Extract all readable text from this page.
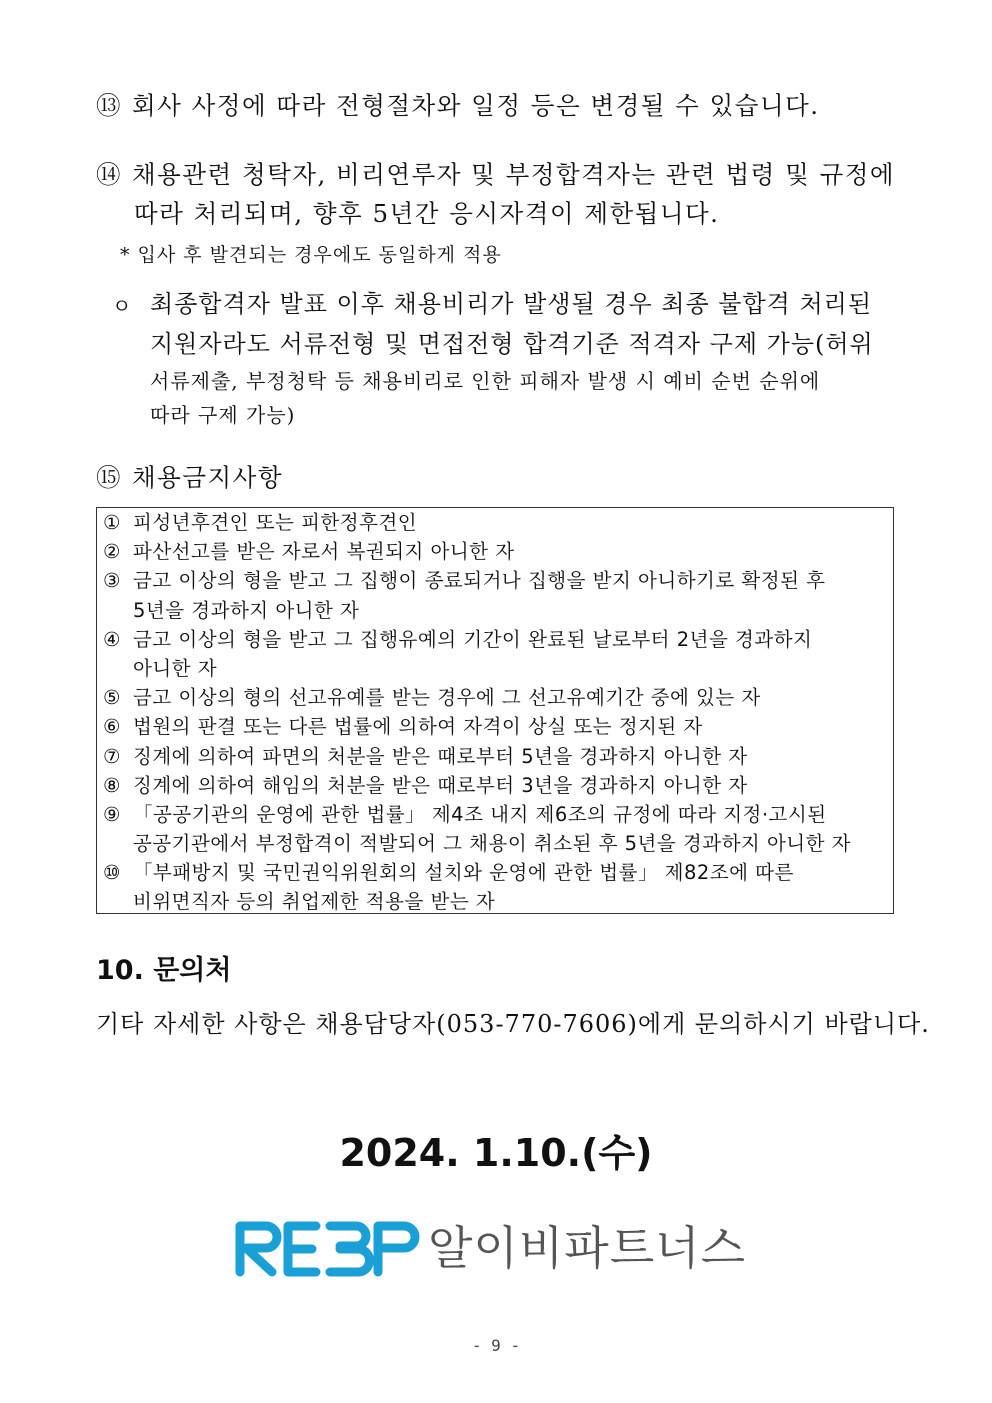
⑬ 회사 사정에 따라 전형절차와 일정 등은 변경될 수 있습니다.
⑭ 채용관련 청탁자, 비리연루자 및 부정합격자는 관련 법령 및 규정에
따라 처리되며, 향후 5년간 응시자격이 제한됩니다.
* 입사 후 발견되는 경우에도 동일하게 적용
ㅇ 최종합격자 발표 이후 채용비리가 발생될 경우 최종 불합격 처리된
지원자라도 서류전형 및 면접전형 합격기준 적격자 구제 가능(허위
서류제출, 부정청탁 등 채용비리로 인한 피해자 발생 시 예비 순번 순위에
따라 구제 가능)
⑮ 채용금지사항
① 피성년후견인 또는 피한정후견인
② 파산선고를 받은 자로서 복권되지 아니한 자
③ 금고 이상의 형을 받고 그 집행이 종료되거나 집행을 받지 아니하기로 확정된 후
5년을 경과하지 아니한 자
④ 금고 이상의 형을 받고 그 집행유예의 기간이 완료된 날로부터 2년을 경과하지
아니한 자
⑤ 금고 이상의 형의 선고유예를 받는 경우에 그 선고유예기간 중에 있는 자
⑥ 법원의 판결 또는 다른 법률에 의하여 자격이 상실 또는 정지된 자
⑦ 징계에 의하여 파면의 처분을 받은 때로부터 5년을 경과하지 아니한 자
⑧ 징계에 의하여 해임의 처분을 받은 때로부터 3년을 경과하지 아니한 자
⑨ 「공공기관의 운영에 관한 법률」 제4조 내지 제6조의 규정에 따라 지정·고시된
공공기관에서 부정합격이 적발되어 그 채용이 취소된 후 5년을 경과하지 아니한 자
⑩ 「부패방지 및 국민권익위원회의 설치와 운영에 관한 법률」 제82조에 따른
비위면직자 등의 취업제한 적용을 받는 자
10. 문의처
기타 자세한 사항은 채용담당자(053-770-7606)에게 문의하시기 바랍니다.
2024. 1.10.(수)
알이비파트너스
- 9 -
